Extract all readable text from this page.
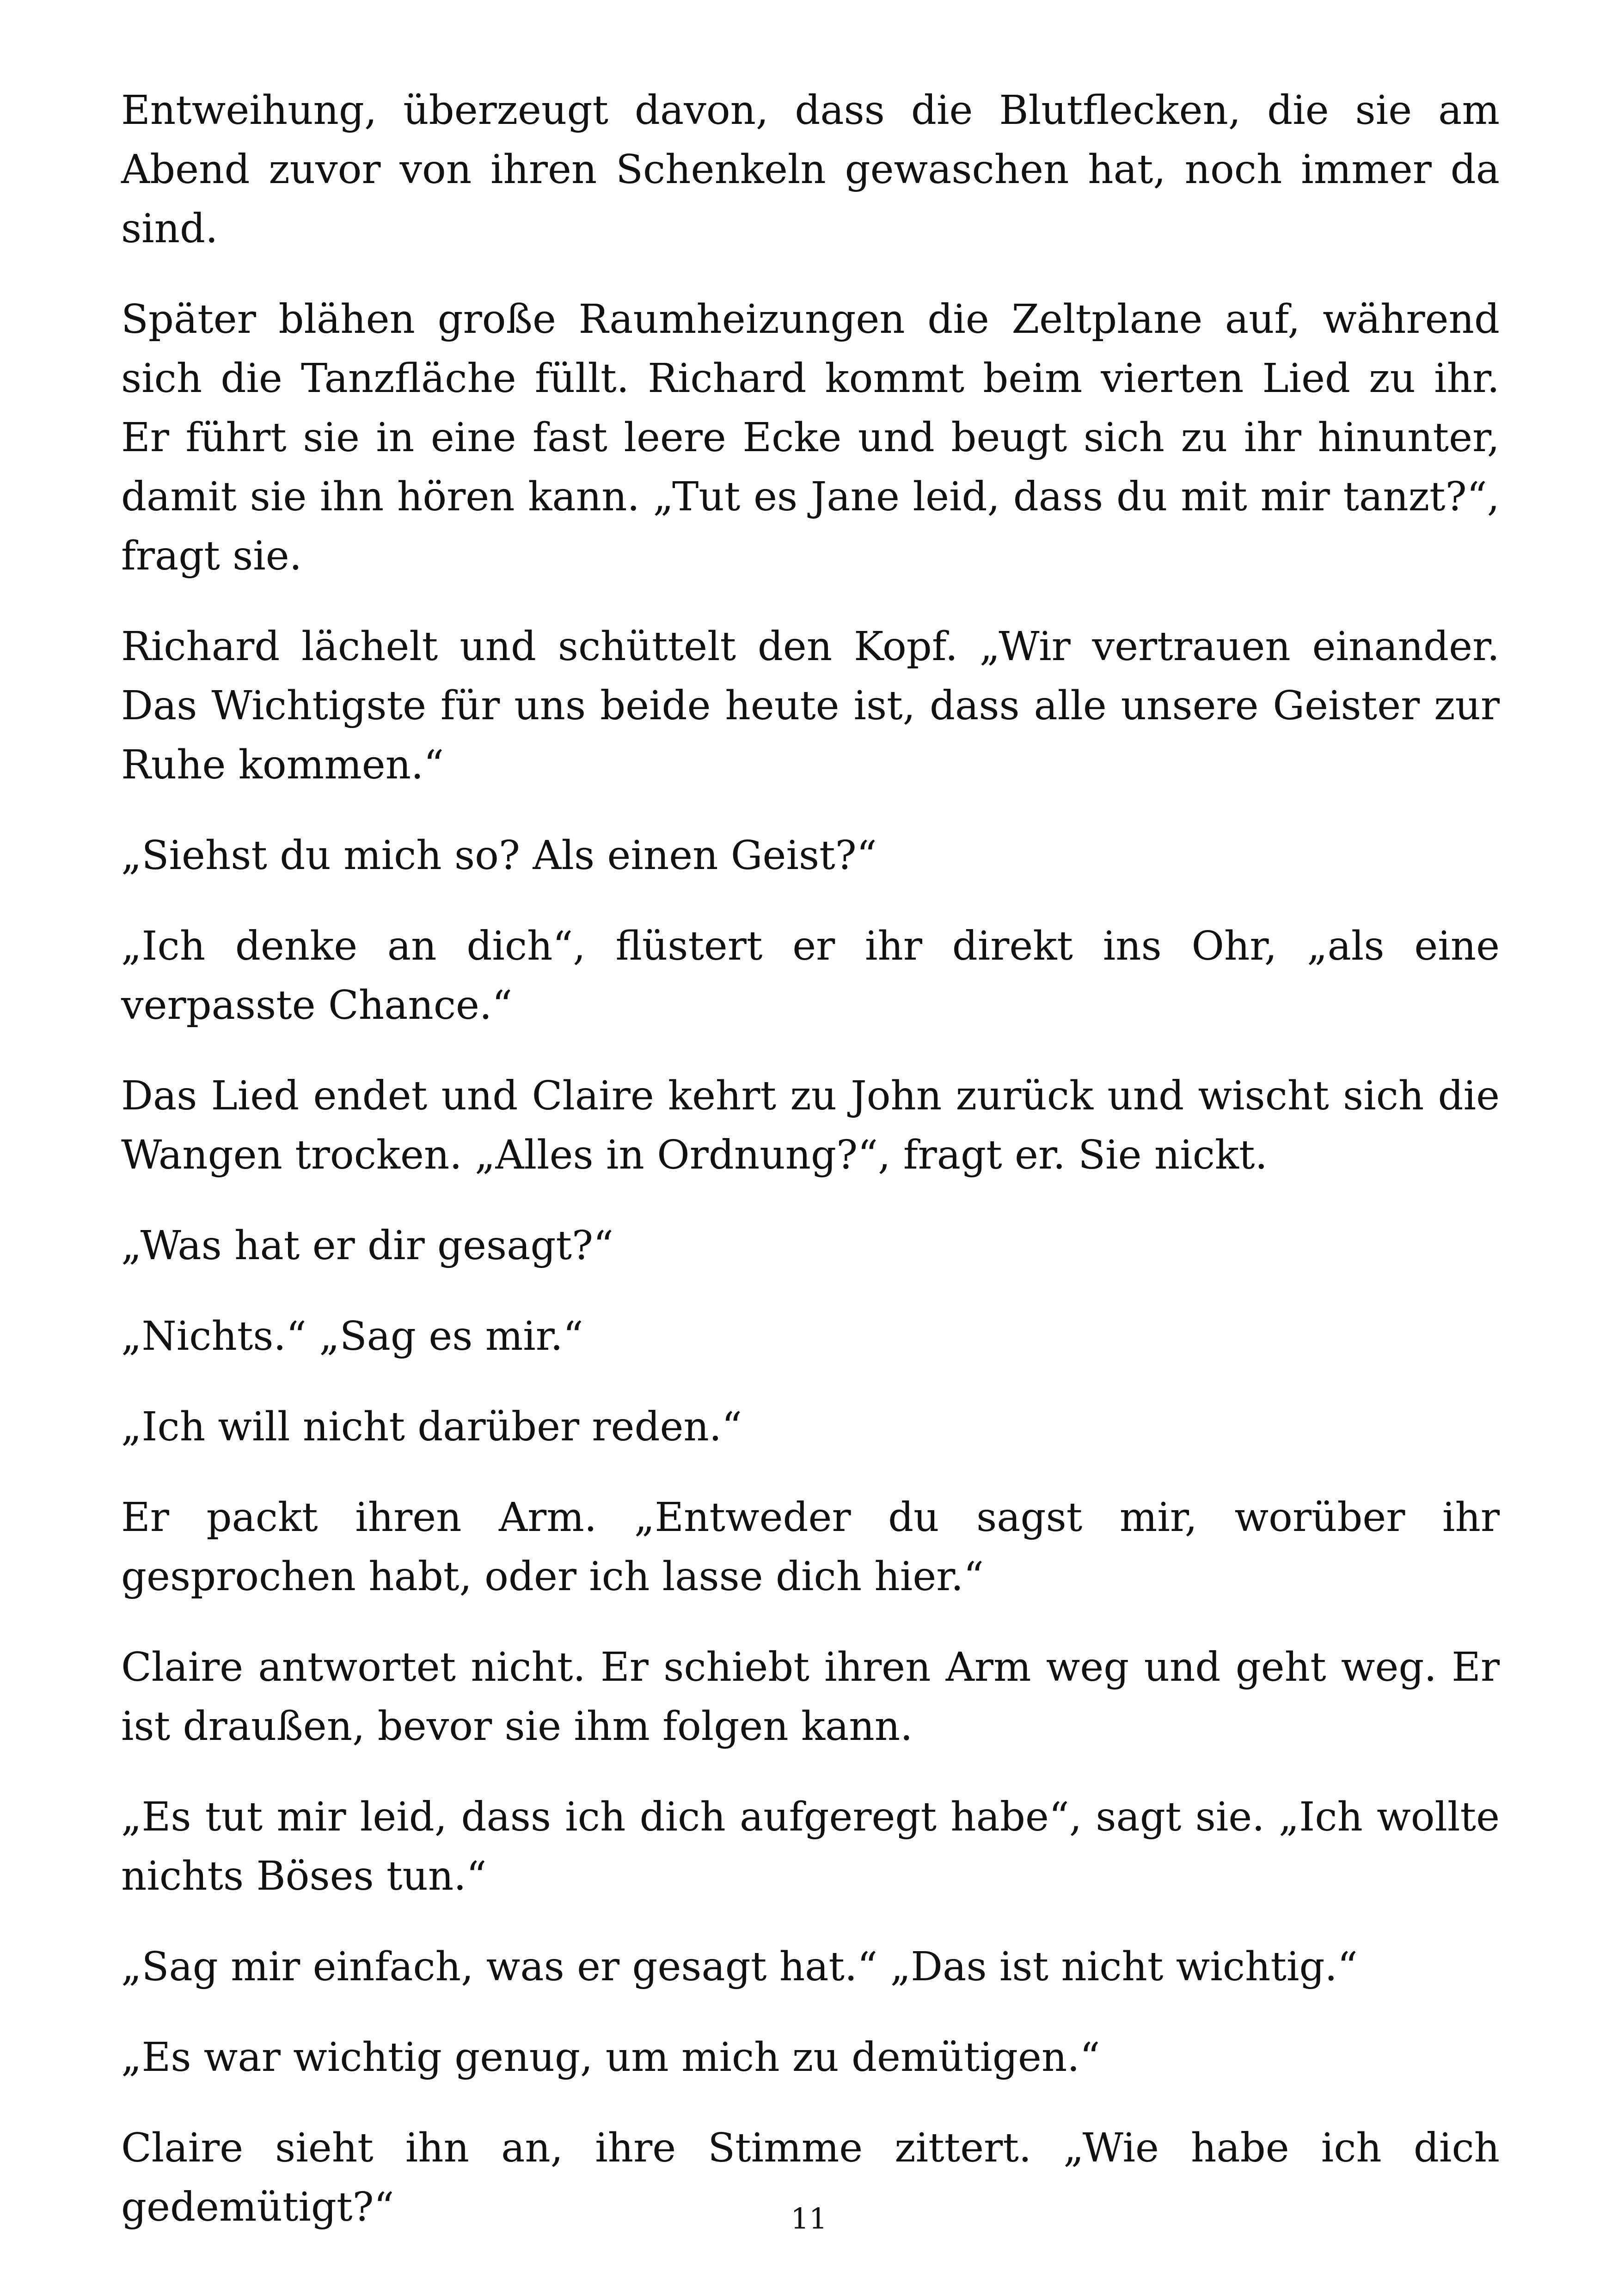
Entweihung, überzeugt davon, dass die Blutflecken, die sie am Abend zuvor von ihren Schenkeln gewaschen hat, noch immer da sind.

Später blähen große Raumheizungen die Zeltplane auf, während sich die Tanzfläche füllt. Richard kommt beim vierten Lied zu ihr. Er führt sie in eine fast leere Ecke und beugt sich zu ihr hinunter, damit sie ihn hören kann. „Tut es Jane leid, dass du mit mir tanzt?“, fragt sie.

Richard lächelt und schüttelt den Kopf. „Wir vertrauen einander. Das Wichtigste für uns beide heute ist, dass alle unsere Geister zur Ruhe kommen.“

„Siehst du mich so? Als einen Geist?“

„Ich denke an dich“, flüstert er ihr direkt ins Ohr, „als eine verpasste Chance.“

Das Lied endet und Claire kehrt zu John zurück und wischt sich die Wangen trocken. „Alles in Ordnung?“, fragt er. Sie nickt.

„Was hat er dir gesagt?“

„Nichts.“ „Sag es mir.“

„Ich will nicht darüber reden.“

Er packt ihren Arm. „Entweder du sagst mir, worüber ihr gesprochen habt, oder ich lasse dich hier.“

Claire antwortet nicht. Er schiebt ihren Arm weg und geht weg. Er ist draußen, bevor sie ihm folgen kann.

„Es tut mir leid, dass ich dich aufgeregt habe“, sagt sie. „Ich wollte nichts Böses tun.“

„Sag mir einfach, was er gesagt hat.“ „Das ist nicht wichtig.“

„Es war wichtig genug, um mich zu demütigen.“

Claire sieht ihn an, ihre Stimme zittert. „Wie habe ich dich gedemütigt?“	11
